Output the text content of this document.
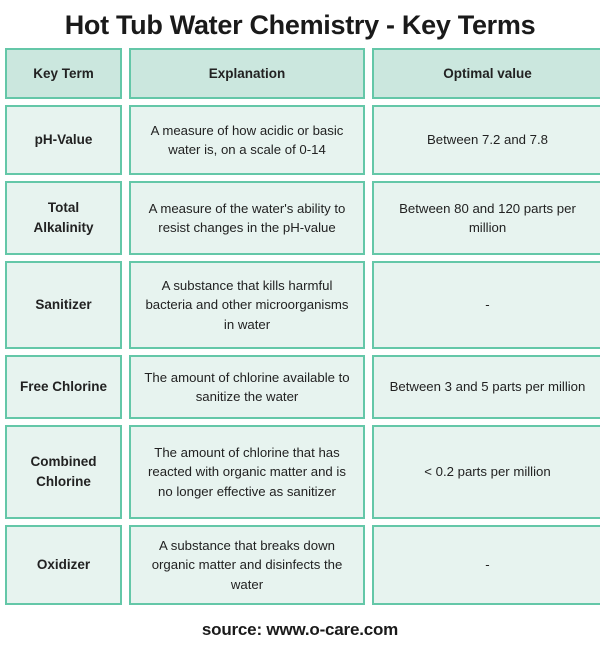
Hot Tub Water Chemistry - Key Terms
Key Term	Explanation	Optimal value
pH-Value
A measure of how acidic or basic water is, on a scale of 0-14
Between 7.2 and 7.8
Total Alkalinity
A measure of the water's ability to resist changes in the pH-value
Between 80 and 120 parts per million
Sanitizer
A substance that kills harmful bacteria and other microorganisms in water
-
Free Chlorine
The amount of chlorine available to sanitize the water
Between 3 and 5 parts per million
Combined Chlorine
The amount of chlorine that has reacted with organic matter and is no longer effective as sanitizer
< 0.2 parts per million
Oxidizer
A substance that breaks down organic matter and disinfects the water
-
source: www.o-care.com
